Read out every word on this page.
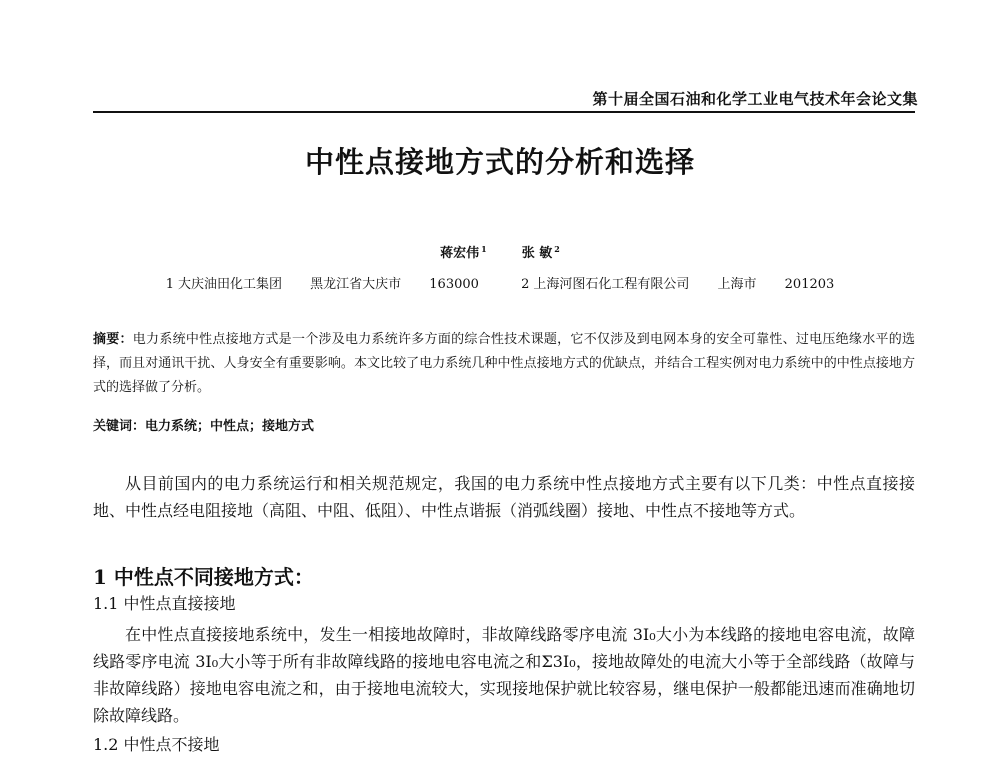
第十届全国石油和化学工业电气技术年会论文集
中性点接地方式的分析和选择
蒋宏伟 $^1$	张 敏 $^2$
1 大庆油田化工集团 黑龙江省大庆市 163000	2 上海河图石化工程有限公司 上海市 201203
摘要：电力系统中性点接地方式是一个涉及电力系统许多方面的综合性技术课题，它不仅涉及到电网本身的安全可靠性、过电压绝缘水平的选择，而且对通讯干扰、人身安全有重要影响。本文比较了电力系统几种中性点接地方式的优缺点，并结合工程实例对电力系统中的中性点接地方式的选择做了分析。
关键词：电力系统；中性点；接地方式
从目前国内的电力系统运行和相关规范规定，我国的电力系统中性点接地方式主要有以下几类：中性点直接接地、中性点经电阻接地（高阻、中阻、低阻）、中性点谐振（消弧线圈）接地、中性点不接地等方式。
1 中性点不同接地方式：
1.1 中性点直接接地
在中性点直接接地系统中，发生一相接地故障时，非故障线路零序电流 3I₀大小为本线路的接地电容电流，故障线路零序电流 3I₀大小等于所有非故障线路的接地电容电流之和Σ3I₀，接地故障处的电流大小等于全部线路（故障与非故障线路）接地电容电流之和，由于接地电流较大，实现接地保护就比较容易，继电保护一般都能迅速而准确地切除故障线路。
1.2 中性点不接地
